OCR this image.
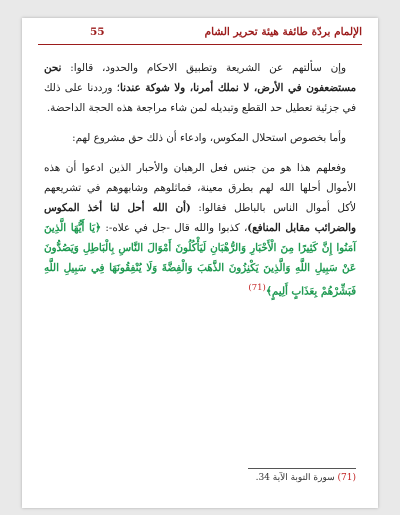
الإلمام بردّة طائفة هيئة تحرير الشام
55

وإن سألتهم عن الشريعة وتطبيق الاحكام والحدود، قالوا: نحن مستضعفون في الأرض، لا نملك أمرنا، ولا شوكة عندنا؛ ورددنا على ذلك في جزئية تعطيل حد القطع وتبديله لمن شاء مراجعة هذه الحجة الداحضة.

وأما بخصوص استحلال المكوس، وادعاء أن ذلك حق مشروع لهم:

وفعلهم هذا هو من جنس فعل الرهبان والأحبار الذين ادعوا أن هذه الأموال أحلها الله لهم بطرق معينة، فماثلوهم وشابهوهم في تشريعهم لأكل أموال الناس بالباطل فقالوا: (أن الله أحل لنا أخذ المكوس والضرائب مقابل المنافع)، كذبوا والله قال -جل في علاه-: ﴿يَا أَيُّهَا الَّذِينَ آمَنُوا إِنَّ كَثِيرًا مِنَ الْأَحْبَارِ وَالرُّهْبَانِ لَيَأْكُلُونَ أَمْوَالَ النَّاسِ بِالْبَاطِلِ وَيَصُدُّونَ عَنْ سَبِيلِ اللَّهِ وَالَّذِينَ يَكْنِزُونَ الذَّهَبَ وَالْفِضَّةَ وَلَا يُنْفِقُونَهَا فِي سَبِيلِ اللَّهِ فَبَشِّرْهُمْ بِعَذَابٍ أَلِيمٍ﴾$^{(71)}$

(71) سورة التوبة الآية 34.
